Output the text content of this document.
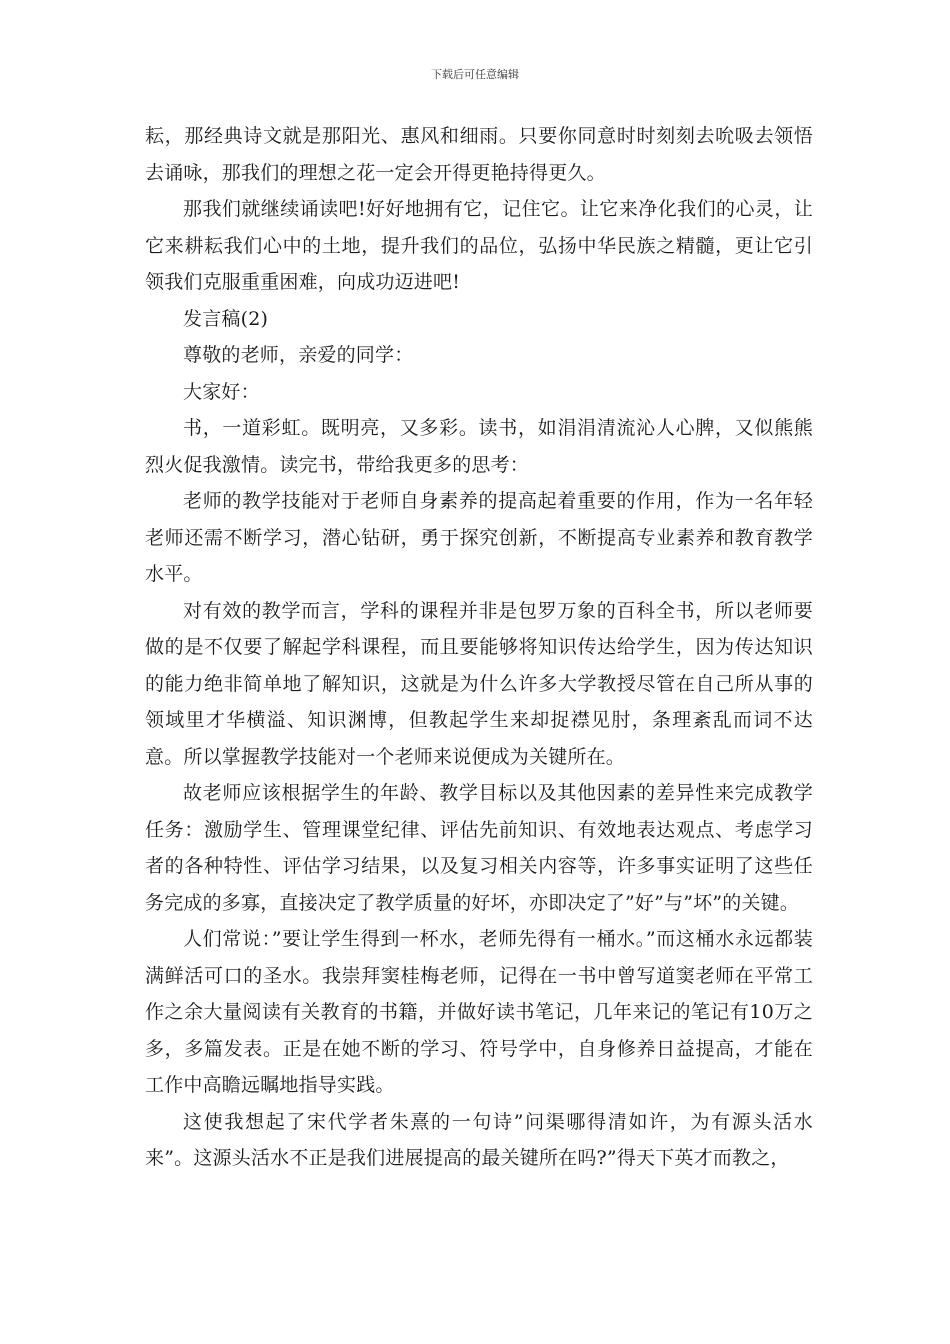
下载后可任意编辑

耘，那经典诗文就是那阳光、惠风和细雨。只要你同意时时刻刻去吮吸去领悟去诵咏，那我们的理想之花一定会开得更艳持得更久。

那我们就继续诵读吧!好好地拥有它，记住它。让它来净化我们的心灵，让它来耕耘我们心中的土地，提升我们的品位，弘扬中华民族之精髓，更让它引领我们克服重重困难，向成功迈进吧!

发言稿(2)

尊敬的老师，亲爱的同学：

大家好：

书，一道彩虹。既明亮，又多彩。读书，如涓涓清流沁人心脾，又似熊熊烈火促我激情。读完书，带给我更多的思考：

老师的教学技能对于老师自身素养的提高起着重要的作用，作为一名年轻老师还需不断学习，潜心钻研，勇于探究创新，不断提高专业素养和教育教学水平。

对有效的教学而言，学科的课程并非是包罗万象的百科全书，所以老师要做的是不仅要了解起学科课程，而且要能够将知识传达给学生，因为传达知识的能力绝非简单地了解知识，这就是为什么许多大学教授尽管在自己所从事的领域里才华横溢、知识渊博，但教起学生来却捉襟见肘，条理紊乱而词不达意。所以掌握教学技能对一个老师来说便成为关键所在。

故老师应该根据学生的年龄、教学目标以及其他因素的差异性来完成教学任务：激励学生、管理课堂纪律、评估先前知识、有效地表达观点、考虑学习者的各种特性、评估学习结果，以及复习相关内容等，许多事实证明了这些任务完成的多寡，直接决定了教学质量的好坏，亦即决定了”好”与”坏”的关键。

人们常说：”要让学生得到一杯水，老师先得有一桶水。”而这桶水永远都装满鲜活可口的圣水。我崇拜窦桂梅老师，记得在一书中曾写道窦老师在平常工作之余大量阅读有关教育的书籍，并做好读书笔记，几年来记的笔记有10万之多，多篇发表。正是在她不断的学习、符号学中，自身修养日益提高，才能在工作中高瞻远瞩地指导实践。

这使我想起了宋代学者朱熹的一句诗”问渠哪得清如许，为有源头活水来”。这源头活水不正是我们进展提高的最关键所在吗?”得天下英才而教之，
